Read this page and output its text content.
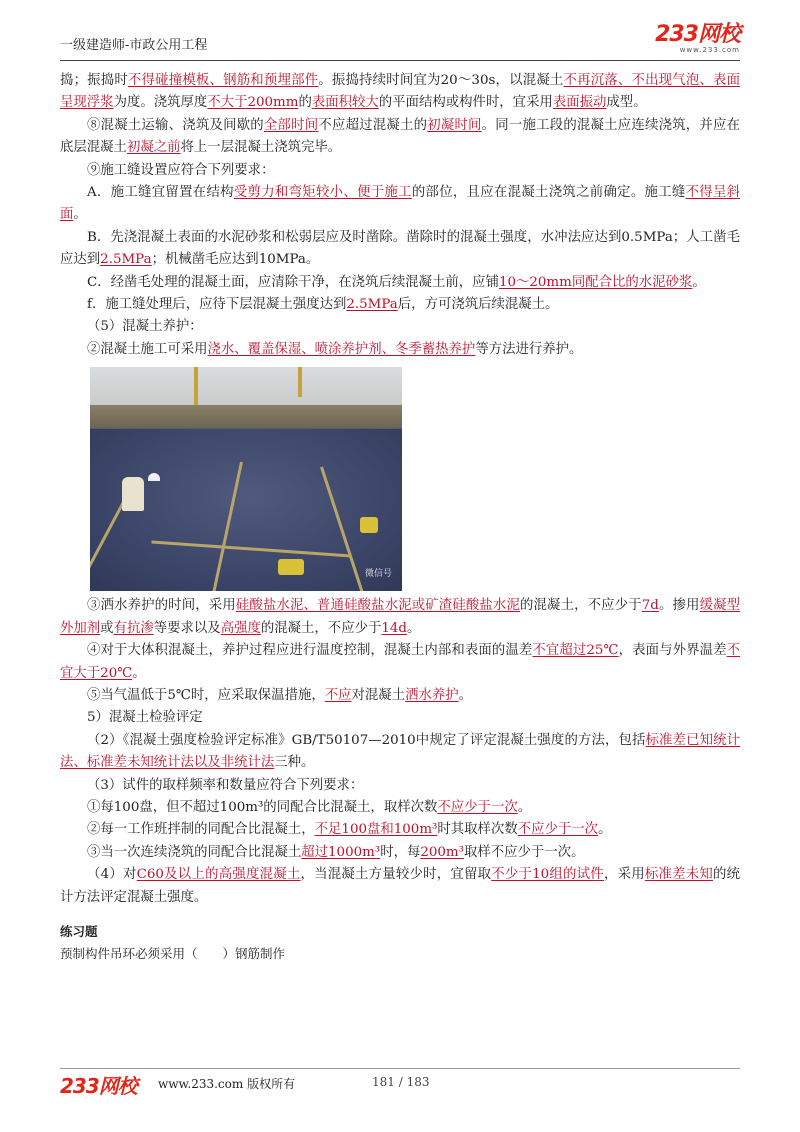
一级建造师-市政公用工程	233网校
www.233.com

捣；振捣时不得碰撞模板、钢筋和预埋部件。振捣持续时间宜为20～30s，以混凝土不再沉落、不出现气泡、表面呈现浮浆为度。浇筑厚度不大于200mm的表面积较大的平面结构或构件时，宜采用表面振动成型。

⑧混凝土运输、浇筑及间歇的全部时间不应超过混凝土的初凝时间。同一施工段的混凝土应连续浇筑，并应在底层混凝土初凝之前将上一层混凝土浇筑完毕。

⑨施工缝设置应符合下列要求：

A．施工缝宜留置在结构受剪力和弯矩较小、便于施工的部位，且应在混凝土浇筑之前确定。施工缝不得呈斜面。

B．先浇混凝土表面的水泥砂浆和松弱层应及时凿除。凿除时的混凝土强度，水冲法应达到0.5MPa；人工凿毛应达到2.5MPa；机械凿毛应达到10MPa。

C．经凿毛处理的混凝土面，应清除干净，在浇筑后续混凝土前，应铺10～20mm同配合比的水泥砂浆。

f．施工缝处理后，应待下层混凝土强度达到2.5MPa后，方可浇筑后续混凝土。

（5）混凝土养护：

②混凝土施工可采用浇水、覆盖保湿、喷涂养护剂、冬季蓄热养护等方法进行养护。

微信号

③洒水养护的时间，采用硅酸盐水泥、普通硅酸盐水泥或矿渣硅酸盐水泥的混凝土，不应少于7d。掺用缓凝型外加剂或有抗渗等要求以及高强度的混凝土，不应少于14d。

④对于大体积混凝土，养护过程应进行温度控制，混凝土内部和表面的温差不宜超过25℃，表面与外界温差不宜大于20℃。

⑤当气温低于5℃时，应采取保温措施，不应对混凝土洒水养护。

5）混凝土检验评定

（2）《混凝土强度检验评定标准》GB/T50107—2010中规定了评定混凝土强度的方法，包括标准差已知统计法、标准差未知统计法以及非统计法三种。

（3）试件的取样频率和数量应符合下列要求：

①每100盘，但不超过100m³的同配合比混凝土，取样次数不应少于一次。

②每一工作班拌制的同配合比混凝土，不足100盘和100m³时其取样次数不应少于一次。

③当一次连续浇筑的同配合比混凝土超过1000m³时，每200m³取样不应少于一次。

（4）对C60及以上的高强度混凝土，当混凝土方量较少时，宜留取不少于10组的试件，采用标准差未知的统计方法评定混凝土强度。

练习题
预制构件吊环必须采用（　　）钢筋制作
233网校 www.233.com 版权所有	181 / 183
